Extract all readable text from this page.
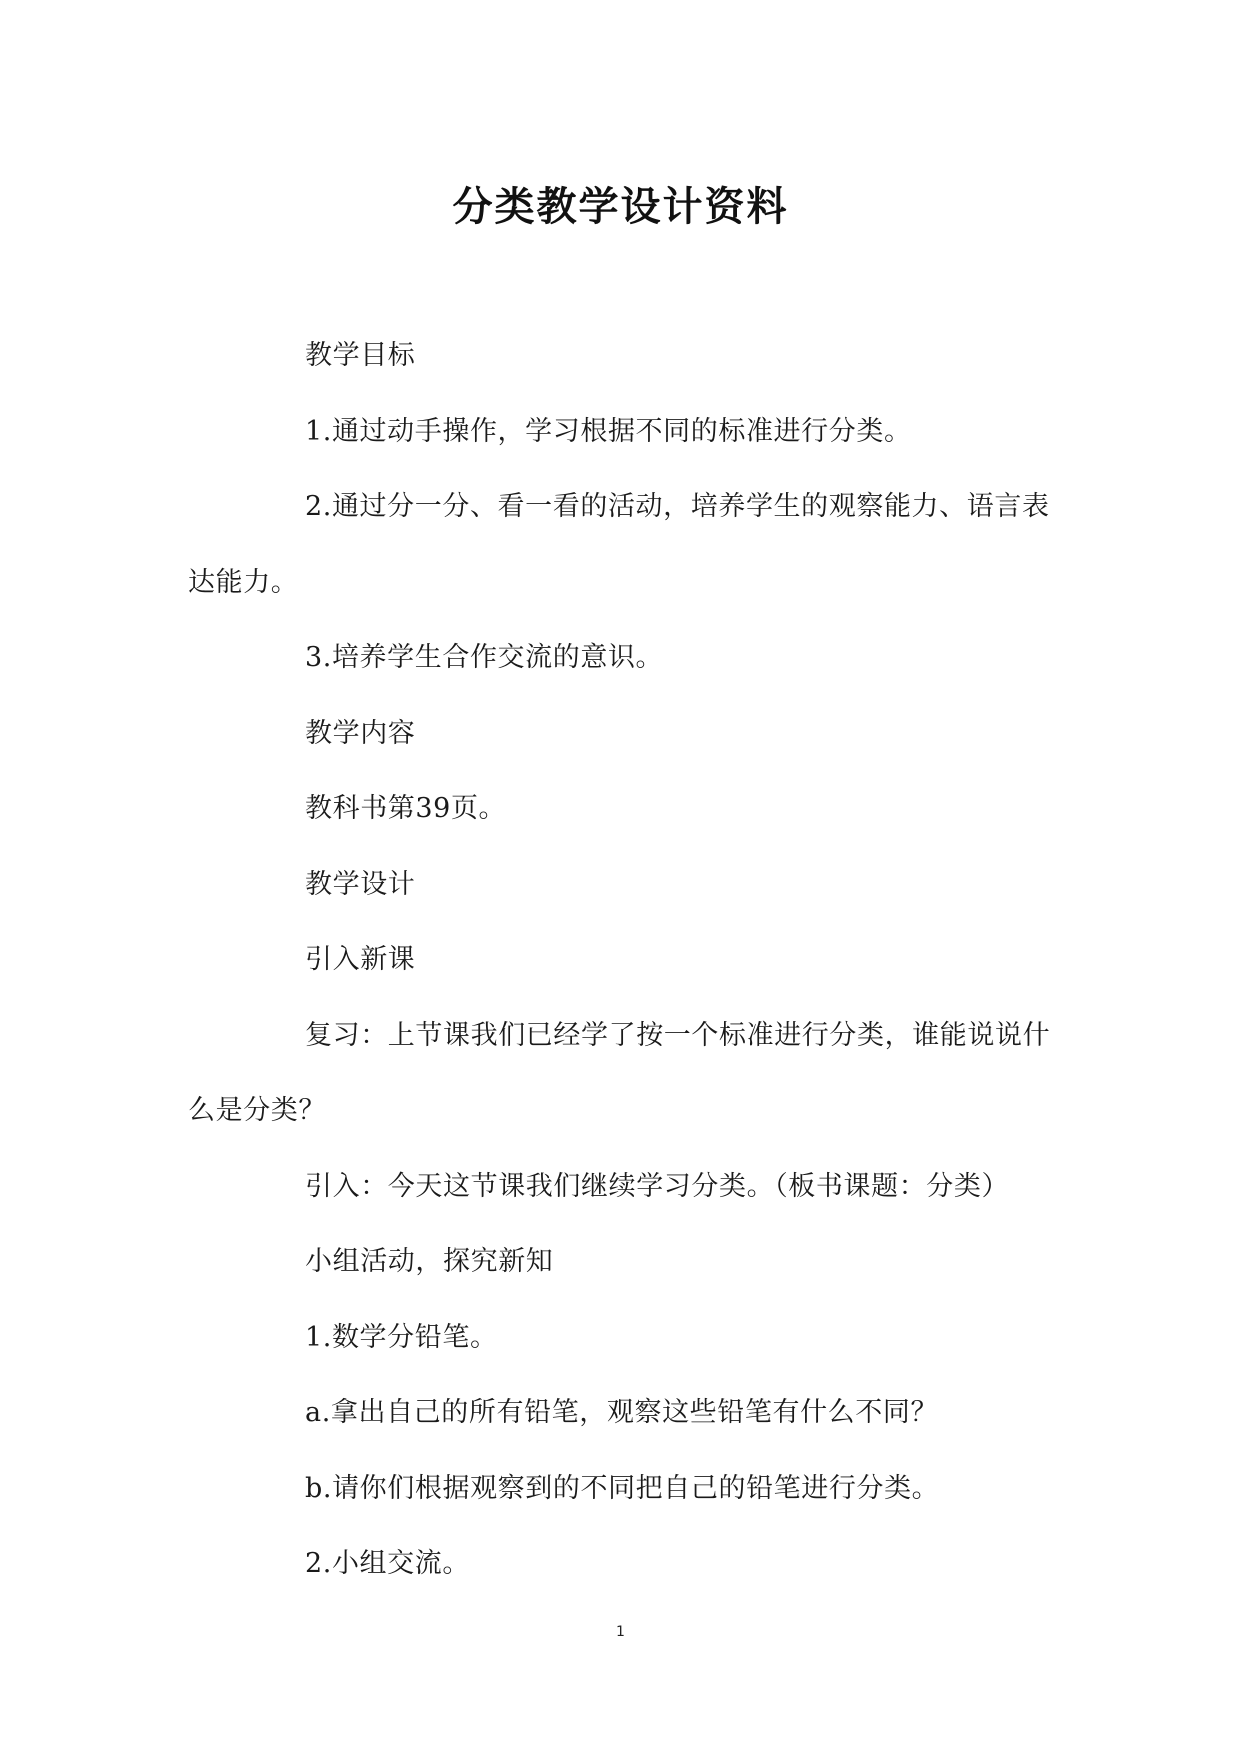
分类教学设计资料

教学目标

1.通过动手操作，学习根据不同的标准进行分类。

2.通过分一分、看一看的活动，培养学生的观察能力、语言表达能力。

3.培养学生合作交流的意识。

教学内容

教科书第39页。

教学设计

引入新课

复习：上节课我们已经学了按一个标准进行分类，谁能说说什么是分类？

引入：今天这节课我们继续学习分类。（板书课题：分类）

小组活动，探究新知

1.数学分铅笔。

a.拿出自己的所有铅笔，观察这些铅笔有什么不同？

b.请你们根据观察到的不同把自己的铅笔进行分类。

2.小组交流。

1
